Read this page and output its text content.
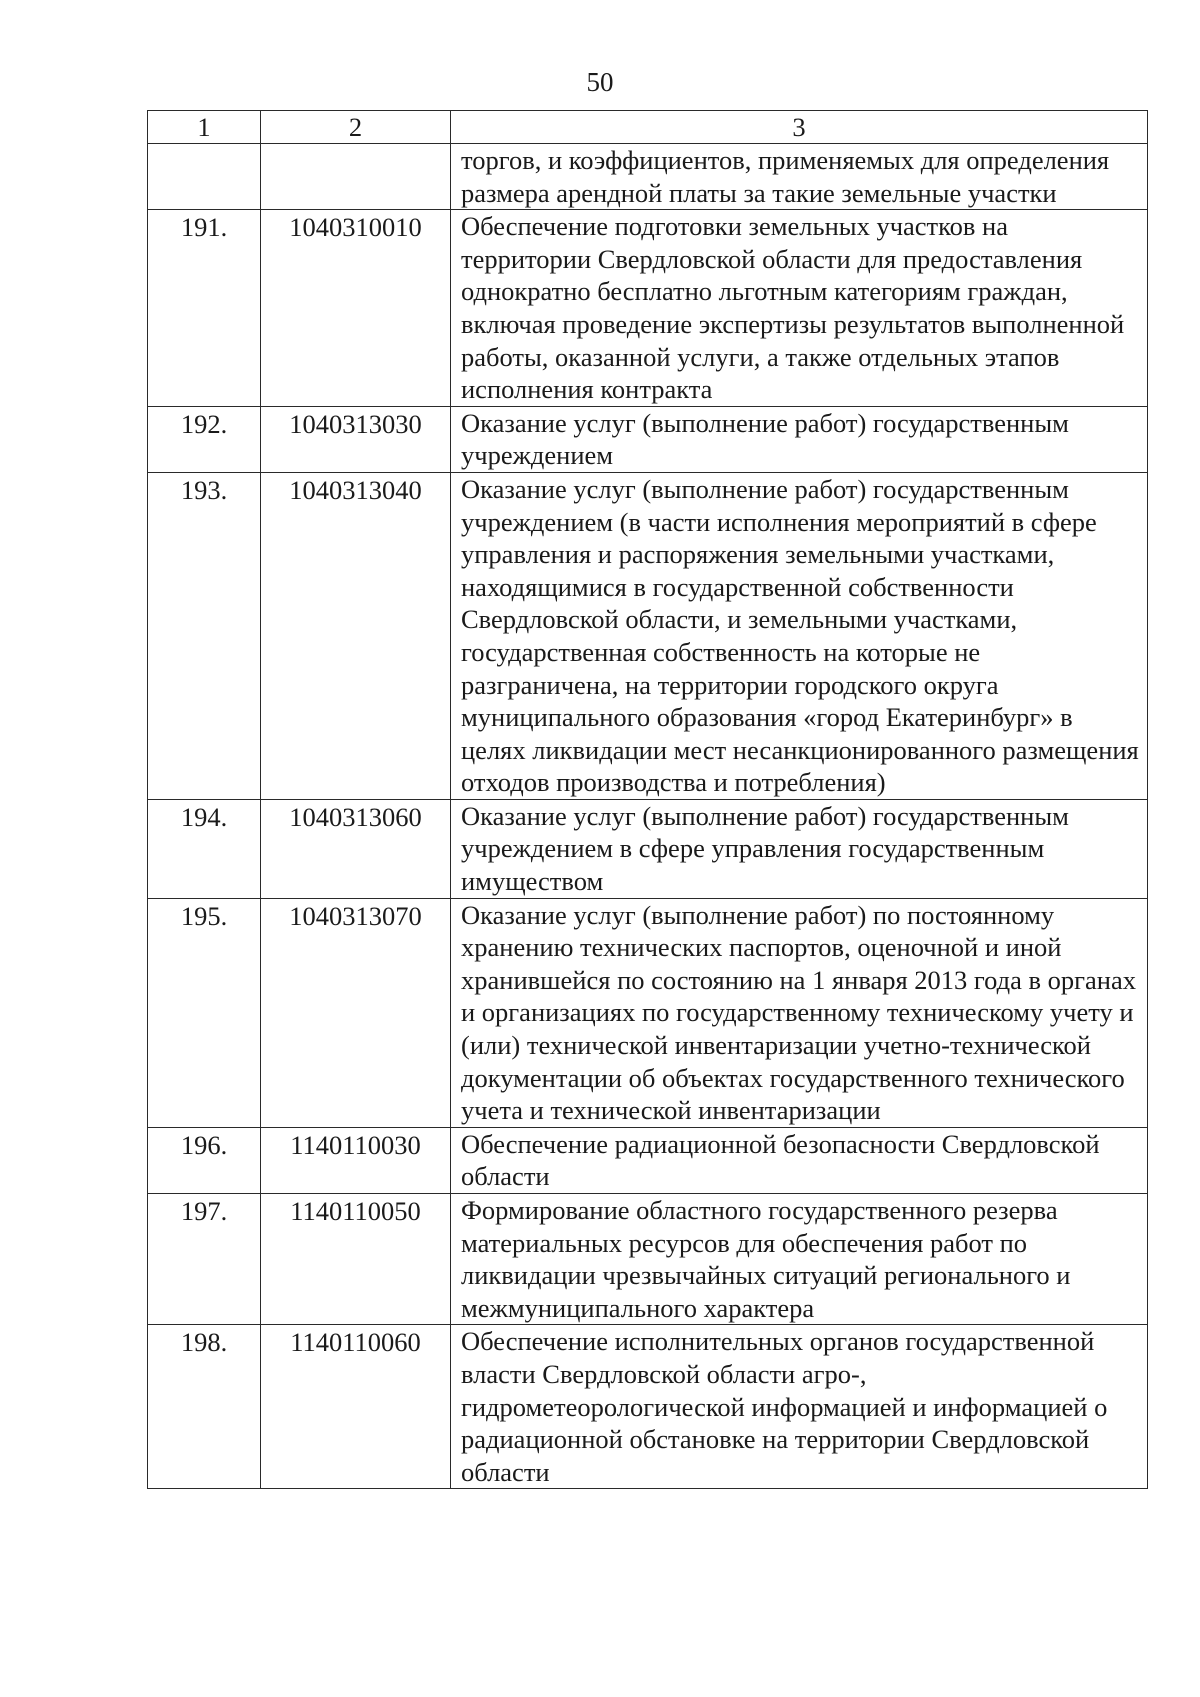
50
1	2	3
		торгов, и коэффициентов, применяемых для определения размера арендной платы за такие земельные участки
191.	1040310010	Обеспечение подготовки земельных участков на территории Свердловской области для предоставления однократно бесплатно льготным категориям граждан, включая проведение экспертизы результатов выполненной работы, оказанной услуги, а также отдельных этапов исполнения контракта
192.	1040313030	Оказание услуг (выполнение работ) государственным учреждением
193.	1040313040	Оказание услуг (выполнение работ) государственным учреждением (в части исполнения мероприятий в сфере управления и распоряжения земельными участками, находящимися в государственной собственности Свердловской области, и земельными участками, государственная собственность на которые не разграничена, на территории городского округа муниципального образования «город Екатеринбург» в целях ликвидации мест несанкционированного размещения отходов производства и потребления)
194.	1040313060	Оказание услуг (выполнение работ) государственным учреждением в сфере управления государственным имуществом
195.	1040313070	Оказание услуг (выполнение работ) по постоянному хранению технических паспортов, оценочной и иной хранившейся по состоянию на 1 января 2013 года в органах и организациях по государственному техническому учету и (или) технической инвентаризации учетно-технической документации об объектах государственного технического учета и технической инвентаризации
196.	1140110030	Обеспечение радиационной безопасности Свердловской области
197.	1140110050	Формирование областного государственного резерва материальных ресурсов для обеспечения работ по ликвидации чрезвычайных ситуаций регионального и межмуниципального характера
198.	1140110060	Обеспечение исполнительных органов государственной власти Свердловской области агро-, гидрометеорологической информацией и информацией о радиационной обстановке на территории Свердловской области
